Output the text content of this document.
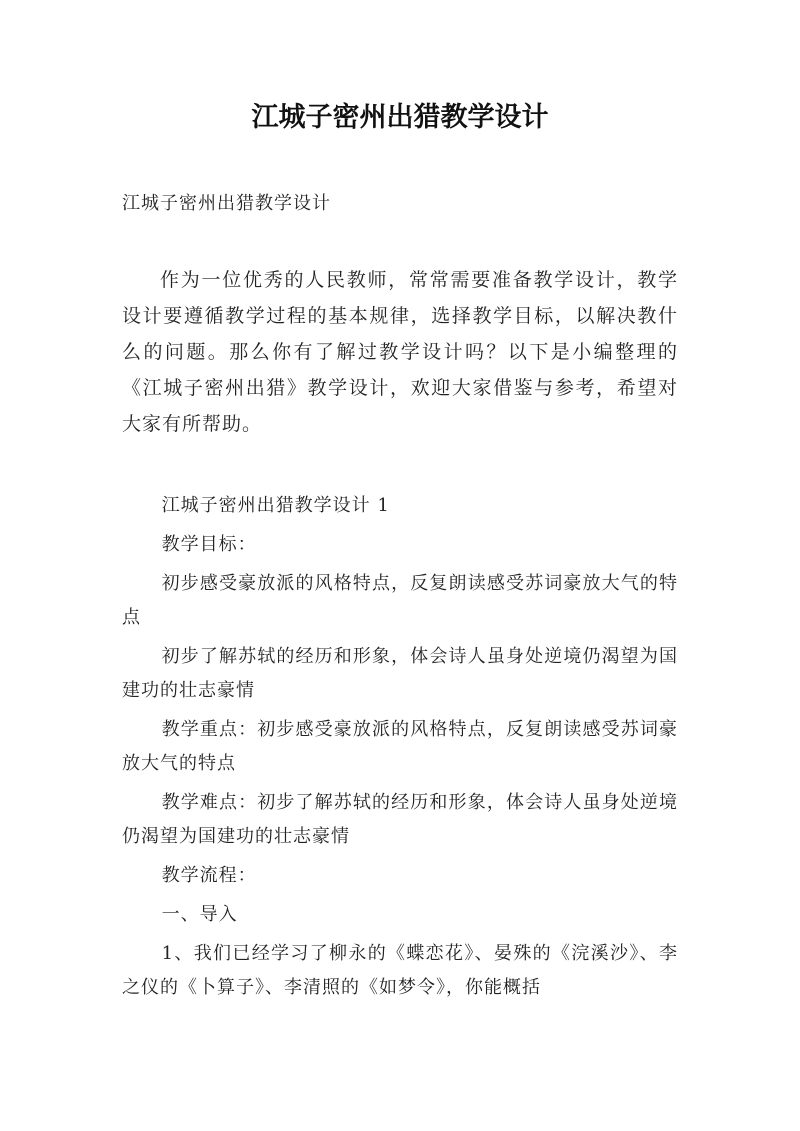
江城子密州出猎教学设计

江城子密州出猎教学设计

作为一位优秀的人民教师，常常需要准备教学设计，教学设计要遵循教学过程的基本规律，选择教学目标，以解决教什么的问题。那么你有了解过教学设计吗？以下是小编整理的《江城子密州出猎》教学设计，欢迎大家借鉴与参考，希望对大家有所帮助。

江城子密州出猎教学设计 1

教学目标：

初步感受豪放派的风格特点，反复朗读感受苏词豪放大气的特点

初步了解苏轼的经历和形象，体会诗人虽身处逆境仍渴望为国建功的壮志豪情

教学重点：初步感受豪放派的风格特点，反复朗读感受苏词豪放大气的特点

教学难点：初步了解苏轼的经历和形象，体会诗人虽身处逆境仍渴望为国建功的壮志豪情

教学流程：

一、导入

1、我们已经学习了柳永的《蝶恋花》、晏殊的《浣溪沙》、李之仪的《卜算子》、李清照的《如梦令》，你能概括
